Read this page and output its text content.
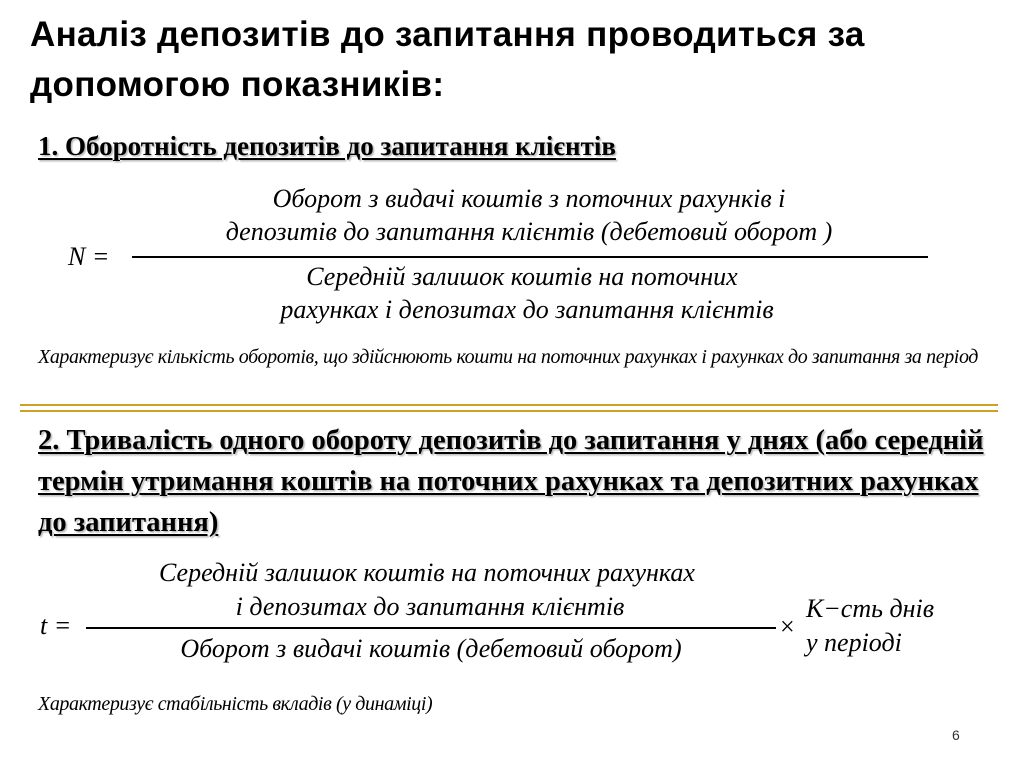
Аналіз депозитів до запитання проводиться за допомогою показників:
1. Оборотність депозитів до запитання клієнтів
N =
Оборот з видачі коштів з поточних рахунків і
депозитів до запитання клієнтів (дебетовий оборот )
Середній залишок коштів на поточних
рахунках і депозитах до запитання клієнтів

Характеризує кількість оборотів, що здійснюють кошти на поточних рахунках і рахунках до запитання за період

2. Тривалість одного обороту депозитів до запитання у днях (або середній термін утримання коштів на поточних рахунках та депозитних рахунках до запитання)
t =
Середній залишок коштів на поточних рахунках
і депозитах до запитання клієнтів
Оборот з видачі коштів (дебетовий оборот)
×
К−сть днів
у періоді

Характеризує стабільність вкладів (у динаміці)

6
